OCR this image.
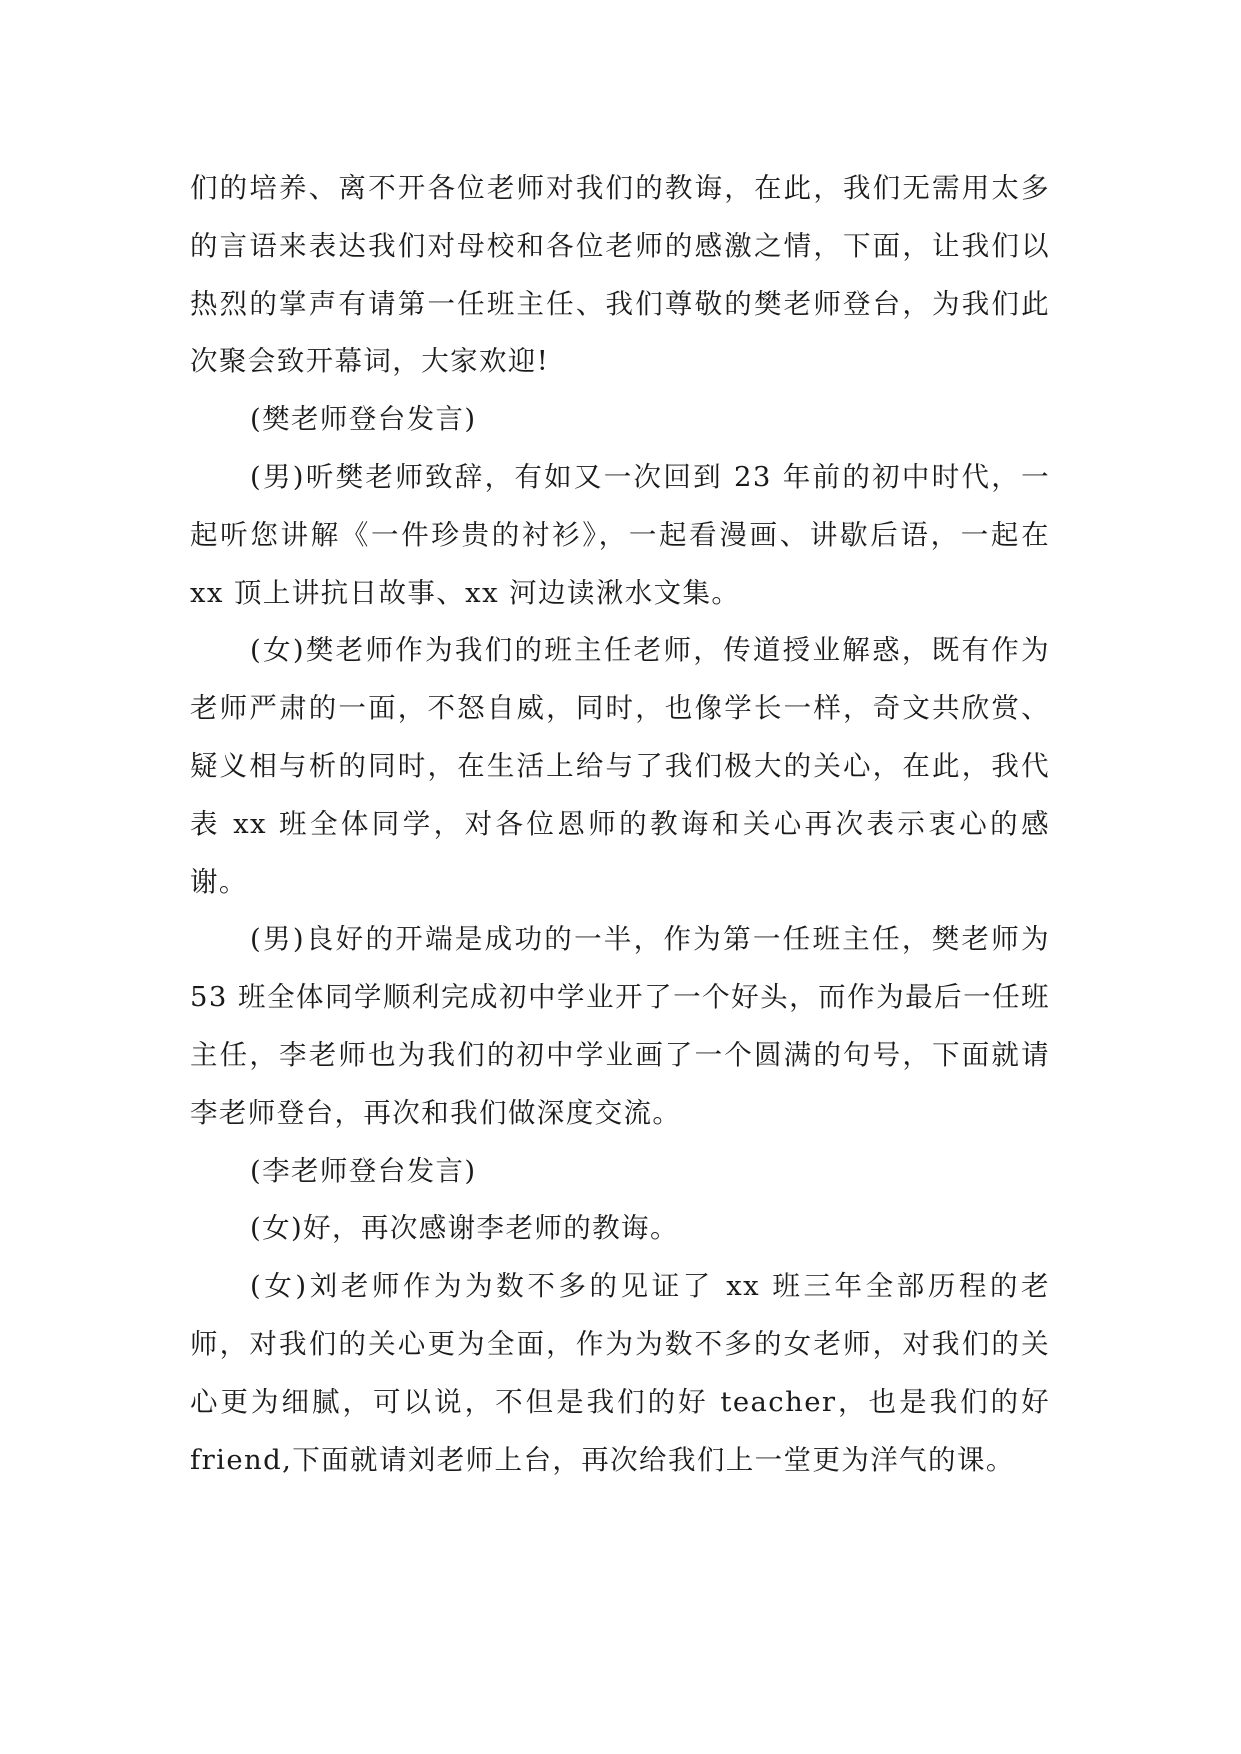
们的培养、离不开各位老师对我们的教诲，在此，我们无需用太多的言语来表达我们对母校和各位老师的感激之情，下面，让我们以热烈的掌声有请第一任班主任、我们尊敬的樊老师登台，为我们此次聚会致开幕词，大家欢迎!

(樊老师登台发言)

(男)听樊老师致辞，有如又一次回到 23 年前的初中时代，一起听您讲解《一件珍贵的衬衫》，一起看漫画、讲歇后语，一起在 xx 顶上讲抗日故事、xx 河边读湫水文集。

(女)樊老师作为我们的班主任老师，传道授业解惑，既有作为老师严肃的一面，不怒自威，同时，也像学长一样，奇文共欣赏、疑义相与析的同时，在生活上给与了我们极大的关心，在此，我代表 xx 班全体同学，对各位恩师的教诲和关心再次表示衷心的感谢。

(男)良好的开端是成功的一半，作为第一任班主任，樊老师为 53 班全体同学顺利完成初中学业开了一个好头，而作为最后一任班主任，李老师也为我们的初中学业画了一个圆满的句号，下面就请李老师登台，再次和我们做深度交流。

(李老师登台发言)

(女)好，再次感谢李老师的教诲。

(女)刘老师作为为数不多的见证了 xx 班三年全部历程的老师，对我们的关心更为全面，作为为数不多的女老师，对我们的关心更为细腻，可以说，不但是我们的好 teacher，也是我们的好 friend,下面就请刘老师上台，再次给我们上一堂更为洋气的课。
